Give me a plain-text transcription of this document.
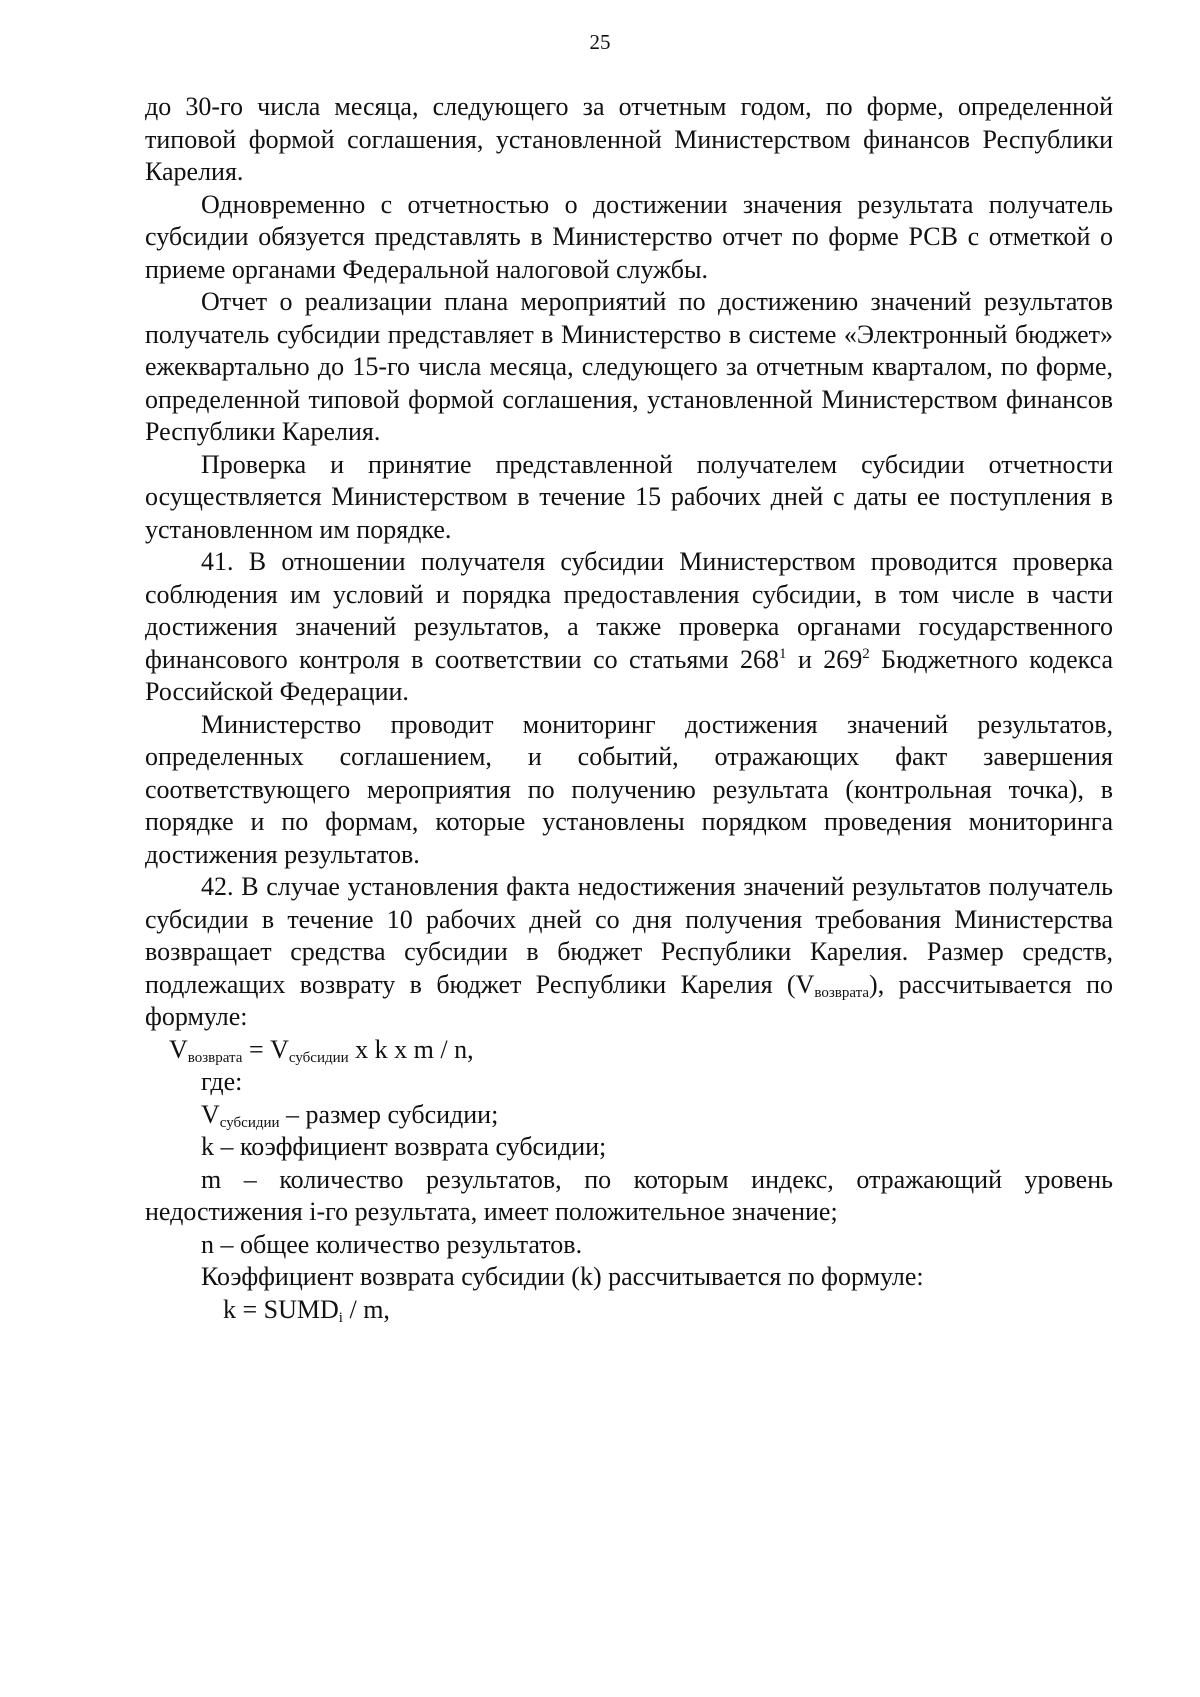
25

до 30-го числа месяца, следующего за отчетным годом, по форме, определенной типовой формой соглашения, установленной Министерством финансов Республики Карелия.

Одновременно с отчетностью о достижении значения результата получатель субсидии обязуется представлять в Министерство отчет по форме РСВ с отметкой о приеме органами Федеральной налоговой службы.

Отчет о реализации плана мероприятий по достижению значений результатов получатель субсидии представляет в Министерство в системе «Электронный бюджет» ежеквартально до 15-го числа месяца, следующего за отчетным кварталом, по форме, определенной типовой формой соглашения, установленной Министерством финансов Республики Карелия.

Проверка и принятие представленной получателем субсидии отчетности осуществляется Министерством в течение 15 рабочих дней с даты ее поступления в установленном им порядке.

41. В отношении получателя субсидии Министерством проводится проверка соблюдения им условий и порядка предоставления субсидии, в том числе в части достижения значений результатов, а также проверка органами государственного финансового контроля в соответствии со статьями $268^1$ и $269^2$ Бюджетного кодекса Российской Федерации.

Министерство проводит мониторинг достижения значений результатов, определенных соглашением, и событий, отражающих факт завершения соответствующего мероприятия по получению результата (контрольная точка), в порядке и по формам, которые установлены порядком проведения мониторинга достижения результатов.

42. В случае установления факта недостижения значений результатов получатель субсидии в течение 10 рабочих дней со дня получения требования Министерства возвращает средства субсидии в бюджет Республики Карелия. Размер средств, подлежащих возврату в бюджет Республики Карелия $(V_{возврата})$, рассчитывается по формуле:

$V_{возврата} = V_{субсидии}$ x k x m / n,

где:

$V_{субсидии}$ – размер субсидии;

k – коэффициент возврата субсидии;

m – количество результатов, по которым индекс, отражающий уровень недостижения i-го результата, имеет положительное значение;

n – общее количество результатов.

Коэффициент возврата субсидии (k) рассчитывается по формуле:

$k = SUMD_i / m$,
